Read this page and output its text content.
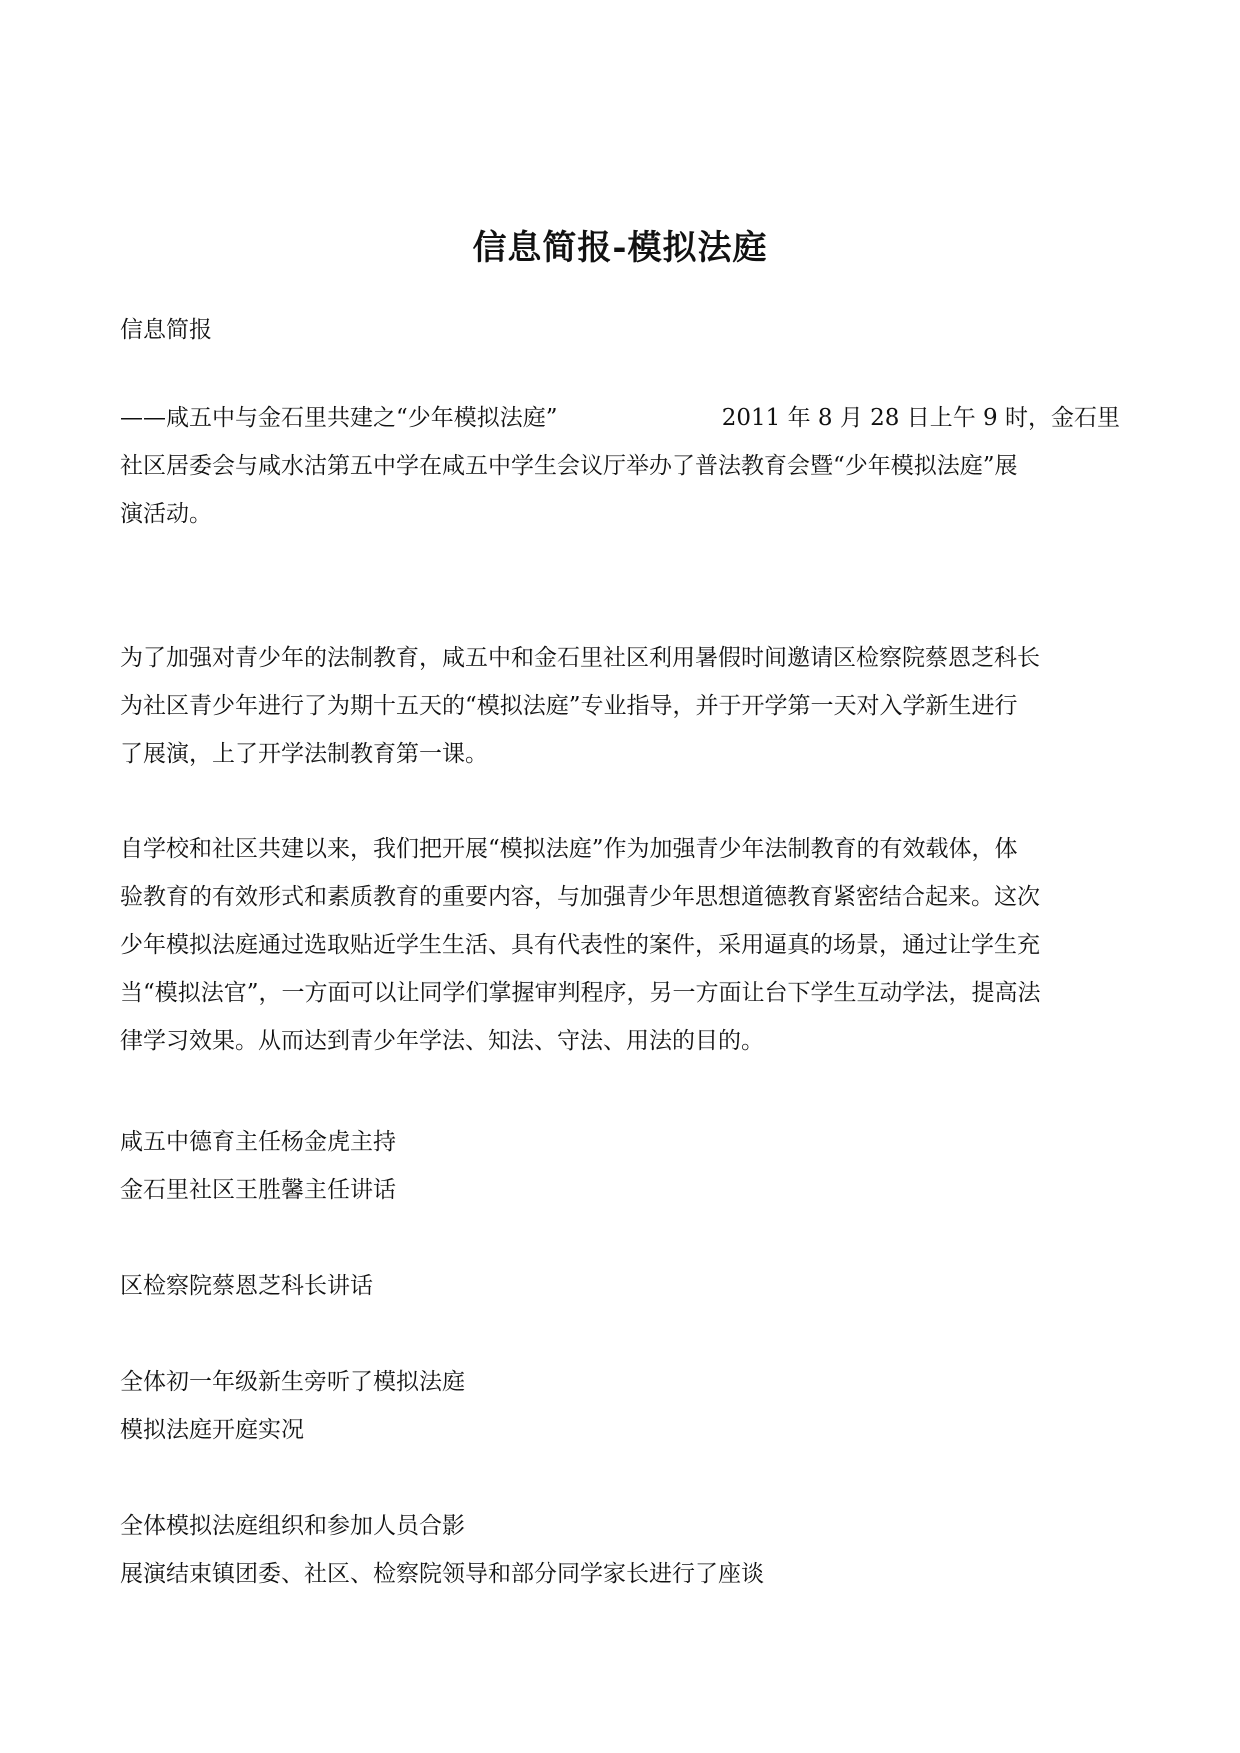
信息简报-模拟法庭

信息简报

——咸五中与金石里共建之“少年模拟法庭”	2011 年 8 月 28 日上午 9 时，金石里
社区居委会与咸水沽第五中学在咸五中学生会议厅举办了普法教育会暨“少年模拟法庭”展
演活动。
为了加强对青少年的法制教育，咸五中和金石里社区利用暑假时间邀请区检察院蔡恩芝科长
为社区青少年进行了为期十五天的“模拟法庭”专业指导，并于开学第一天对入学新生进行
了展演，上了开学法制教育第一课。
自学校和社区共建以来，我们把开展“模拟法庭”作为加强青少年法制教育的有效载体，体
验教育的有效形式和素质教育的重要内容，与加强青少年思想道德教育紧密结合起来。这次
少年模拟法庭通过选取贴近学生生活、具有代表性的案件，采用逼真的场景，通过让学生充
当“模拟法官”，一方面可以让同学们掌握审判程序，另一方面让台下学生互动学法，提高法
律学习效果。从而达到青少年学法、知法、守法、用法的目的。

咸五中德育主任杨金虎主持

金石里社区王胜馨主任讲话

区检察院蔡恩芝科长讲话

全体初一年级新生旁听了模拟法庭

模拟法庭开庭实况

全体模拟法庭组织和参加人员合影

展演结束镇团委、社区、检察院领导和部分同学家长进行了座谈
